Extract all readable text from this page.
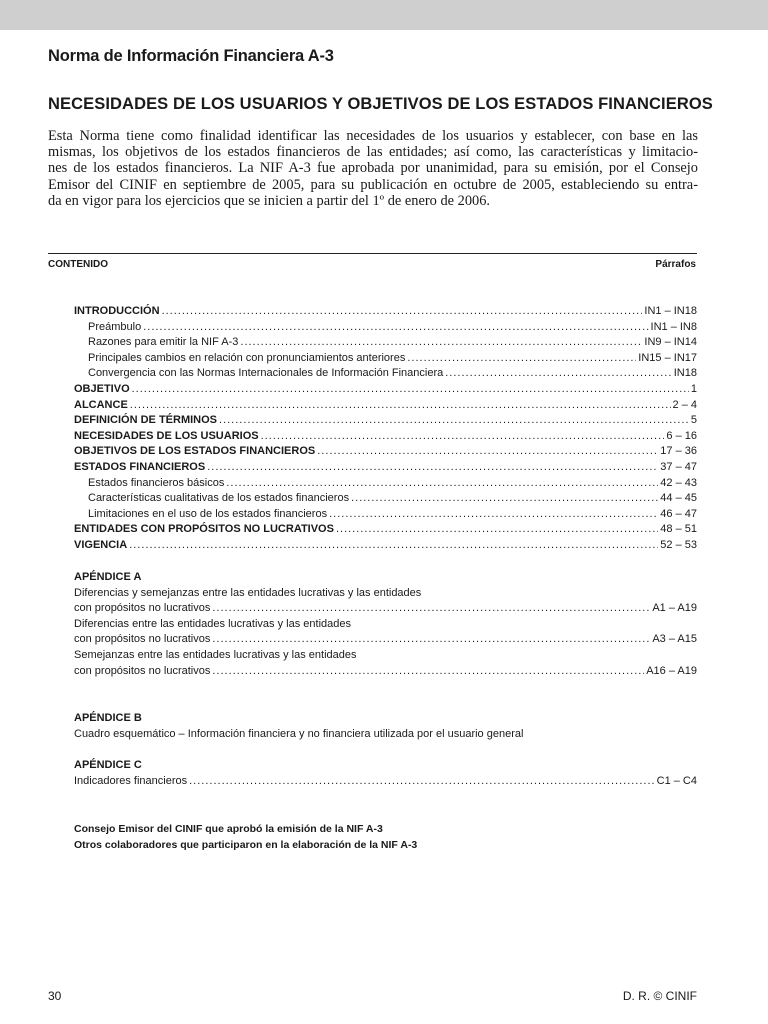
Norma de Información Financiera A-3
NECESIDADES DE LOS USUARIOS Y OBJETIVOS DE LOS ESTADOS FINANCIEROS
Esta Norma tiene como finalidad identificar las necesidades de los usuarios y establecer, con base en las
mismas, los objetivos de los estados financieros de las entidades; así como, las características y limitacio-
nes de los estados financieros. La NIF A-3 fue aprobada por unanimidad, para su emisión, por el Consejo
Emisor del CINIF en septiembre de 2005, para su publicación en octubre de 2005, estableciendo su entra-
da en vigor para los ejercicios que se inicien a partir del 1º de enero de 2006.
CONTENIDO	Párrafos
INTRODUCCIÓN .....	IN1 – IN18
Preámbulo .....	IN1 – IN8
Razones para emitir la NIF A-3 .....	IN9 – IN14
Principales cambios en relación con pronunciamientos anteriores .....	IN15 – IN17
Convergencia con las Normas Internacionales de Información Financiera .....	IN18
OBJETIVO .....	1
ALCANCE .....	2 – 4
DEFINICIÓN DE TÉRMINOS .....	5
NECESIDADES DE LOS USUARIOS .....	6 – 16
OBJETIVOS DE LOS ESTADOS FINANCIEROS .....	17 – 36
ESTADOS FINANCIEROS .....	37 – 47
Estados financieros básicos .....	42 – 43
Características cualitativas de los estados financieros .....	44 – 45
Limitaciones en el uso de los estados financieros .....	46 – 47
ENTIDADES CON PROPÓSITOS NO LUCRATIVOS .....	48 – 51
VIGENCIA .....	52 – 53
APÉNDICE A
Diferencias y semejanzas entre las entidades lucrativas y las entidades
con propósitos no lucrativos .....	A1 – A19
Diferencias entre las entidades lucrativas y las entidades
con propósitos no lucrativos .....	A3 – A15
Semejanzas entre las entidades lucrativas y las entidades
con propósitos no lucrativos .....	A16 – A19
APÉNDICE B
Cuadro esquemático – Información financiera y no financiera utilizada por el usuario general
APÉNDICE C
Indicadores financieros .....	C1 – C4
Consejo Emisor del CINIF que aprobó la emisión de la NIF A-3
Otros colaboradores que participaron en la elaboración de la NIF A-3
30	D. R. © CINIF
